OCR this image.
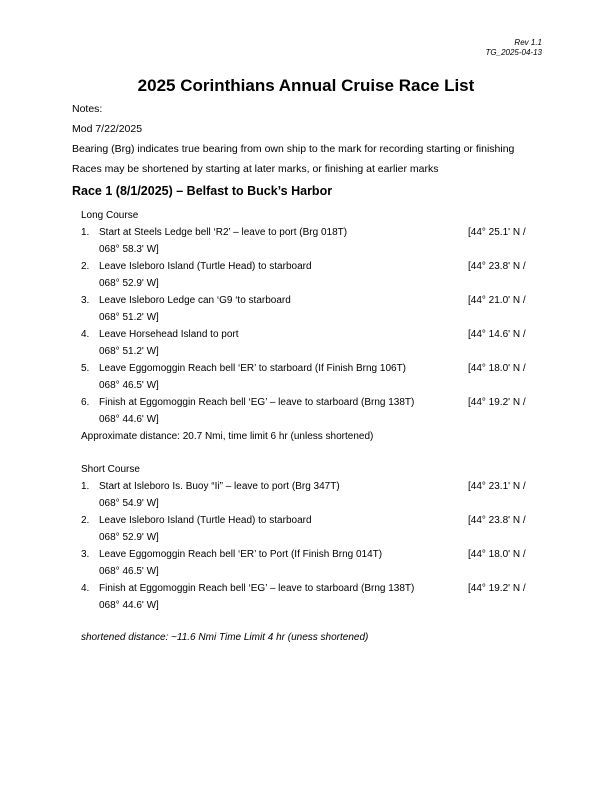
Rev 1.1
TG_2025-04-13
2025 Corinthians Annual Cruise Race List
Notes:
Mod 7/22/2025
Bearing (Brg) indicates true bearing from own ship to the mark for recording starting or finishing
Races may be shortened by starting at later marks, or finishing at earlier marks
Race 1 (8/1/2025) – Belfast to Buck’s Harbor
Long Course
1. Start at Steels Ledge bell ‘R2’ – leave to port (Brg 018T)	[44° 25.1' N /
068° 58.3' W]
2. Leave Isleboro Island (Turtle Head) to starboard	[44° 23.8' N /
068° 52.9' W]
3. Leave Isleboro Ledge can ‘G9 ‘to starboard	[44° 21.0' N /
068° 51.2' W]
4. Leave Horsehead Island to port	[44° 14.6' N /
068° 51.2' W]
5. Leave Eggomoggin Reach bell ‘ER’ to starboard (If Finish Brng 106T)	[44° 18.0' N /
068° 46.5' W]
6. Finish at Eggomoggin Reach bell ‘EG’ – leave to starboard (Brng 138T)	[44° 19.2' N /
068° 44.6' W]
Approximate distance: 20.7 Nmi, time limit 6 hr (unless shortened)
Short Course
1. Start at Isleboro Is. Buoy “Ii” – leave to port (Brg 347T)	[44° 23.1' N /
068° 54.9' W]
2. Leave Isleboro Island (Turtle Head) to starboard	[44° 23.8' N /
068° 52.9' W]
3. Leave Eggomoggin Reach bell ‘ER’ to Port (If Finish Brng 014T)	[44° 18.0' N /
068° 46.5' W]
4. Finish at Eggomoggin Reach bell ‘EG’ – leave to starboard (Brng 138T)	[44° 19.2' N /
068° 44.6' W]
shortened distance: ~11.6 Nmi Time Limit 4 hr (uness shortened)
